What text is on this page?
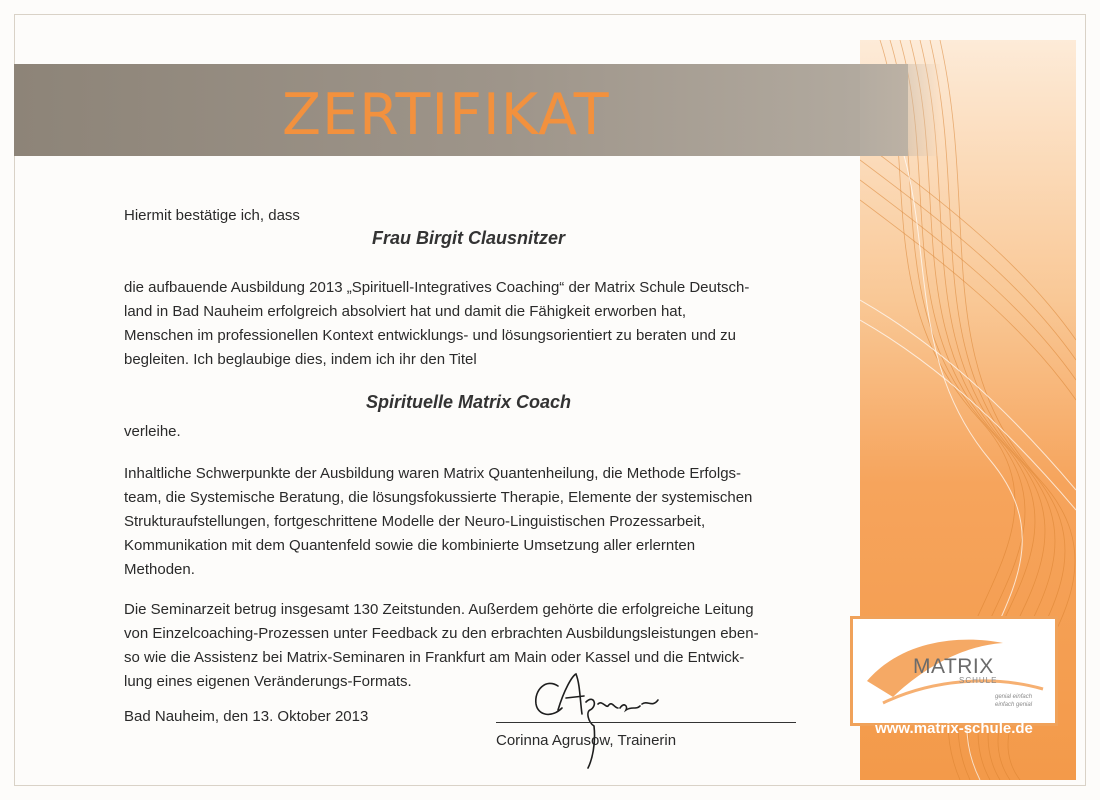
ZERTIFIKAT
Hiermit bestätige ich, dass
Frau Birgit Clausnitzer
die aufbauende Ausbildung 2013 „Spirituell-Integratives Coaching“ der Matrix Schule Deutsch-
land in Bad Nauheim erfolgreich absolviert hat und damit die Fähigkeit erworben hat,
Menschen im professionellen Kontext entwicklungs- und lösungsorientiert zu beraten und zu
begleiten. Ich beglaubige dies, indem ich ihr den Titel
Spirituelle Matrix Coach
verleihe.
Inhaltliche Schwerpunkte der Ausbildung waren Matrix Quantenheilung, die Methode Erfolgs-
team, die Systemische Beratung, die lösungsfokussierte Therapie, Elemente der systemischen
Strukturaufstellungen, fortgeschrittene Modelle der Neuro-Linguistischen Prozessarbeit,
Kommunikation mit dem Quantenfeld sowie die kombinierte Umsetzung aller erlernten
Methoden.
Die Seminarzeit betrug insgesamt 130 Zeitstunden. Außerdem gehörte die erfolgreiche Leitung
von Einzelcoaching-Prozessen unter Feedback zu den erbrachten Ausbildungsleistungen eben-
so wie die Assistenz bei Matrix-Seminaren in Frankfurt am Main oder Kassel und die Entwick-
lung eines eigenen Veränderungs-Formats.
Bad Nauheim, den 13. Oktober 2013
Corinna Agrusow, Trainerin
MATRIX
SCHULE
genial einfach
einfach genial
www.matrix-schule.de
